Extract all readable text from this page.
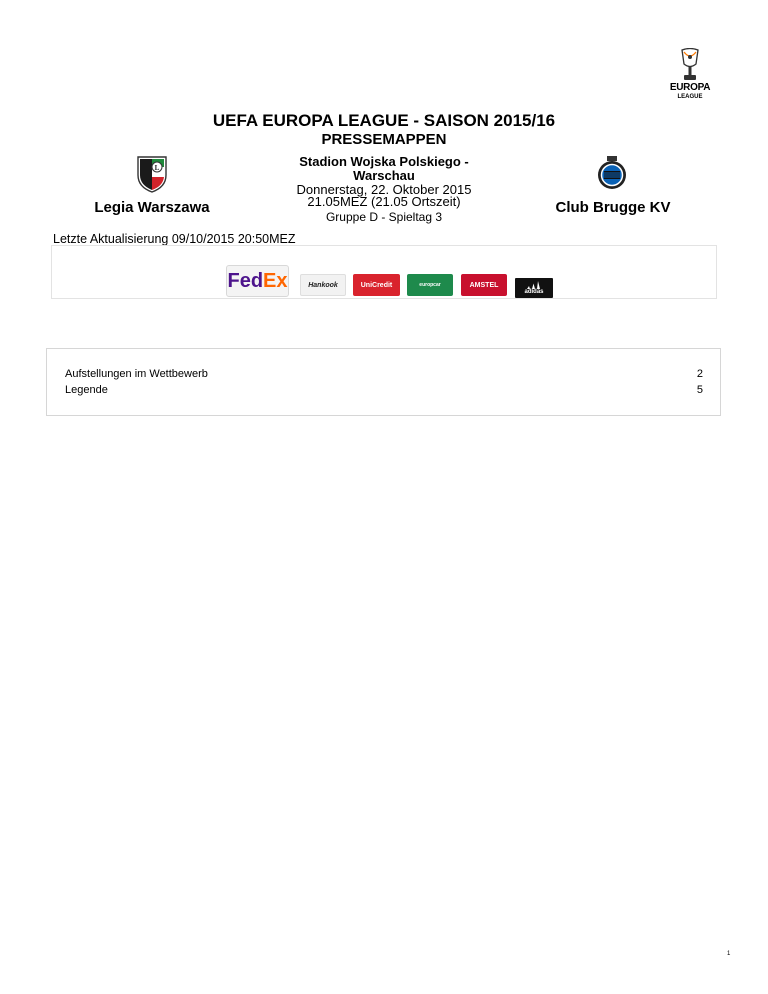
EUROPA
LEAGUE
UEFA EUROPA LEAGUE - SAISON 2015/16
PRESSEMAPPEN
Stadion Wojska Polskiego -
Warschau
Donnerstag, 22. Oktober 2015
21.05MEZ (21.05 Ortszeit)
Gruppe D - Spieltag 3
L
Legia Warszawa	Club Brugge KV
Letzte Aktualisierung 09/10/2015 20:50MEZ
Fed Ex	Hankook	UniCredit	europcar	AMSTEL
adidas
Aufstellungen im Wettbewerb	2
Legende	5
1
